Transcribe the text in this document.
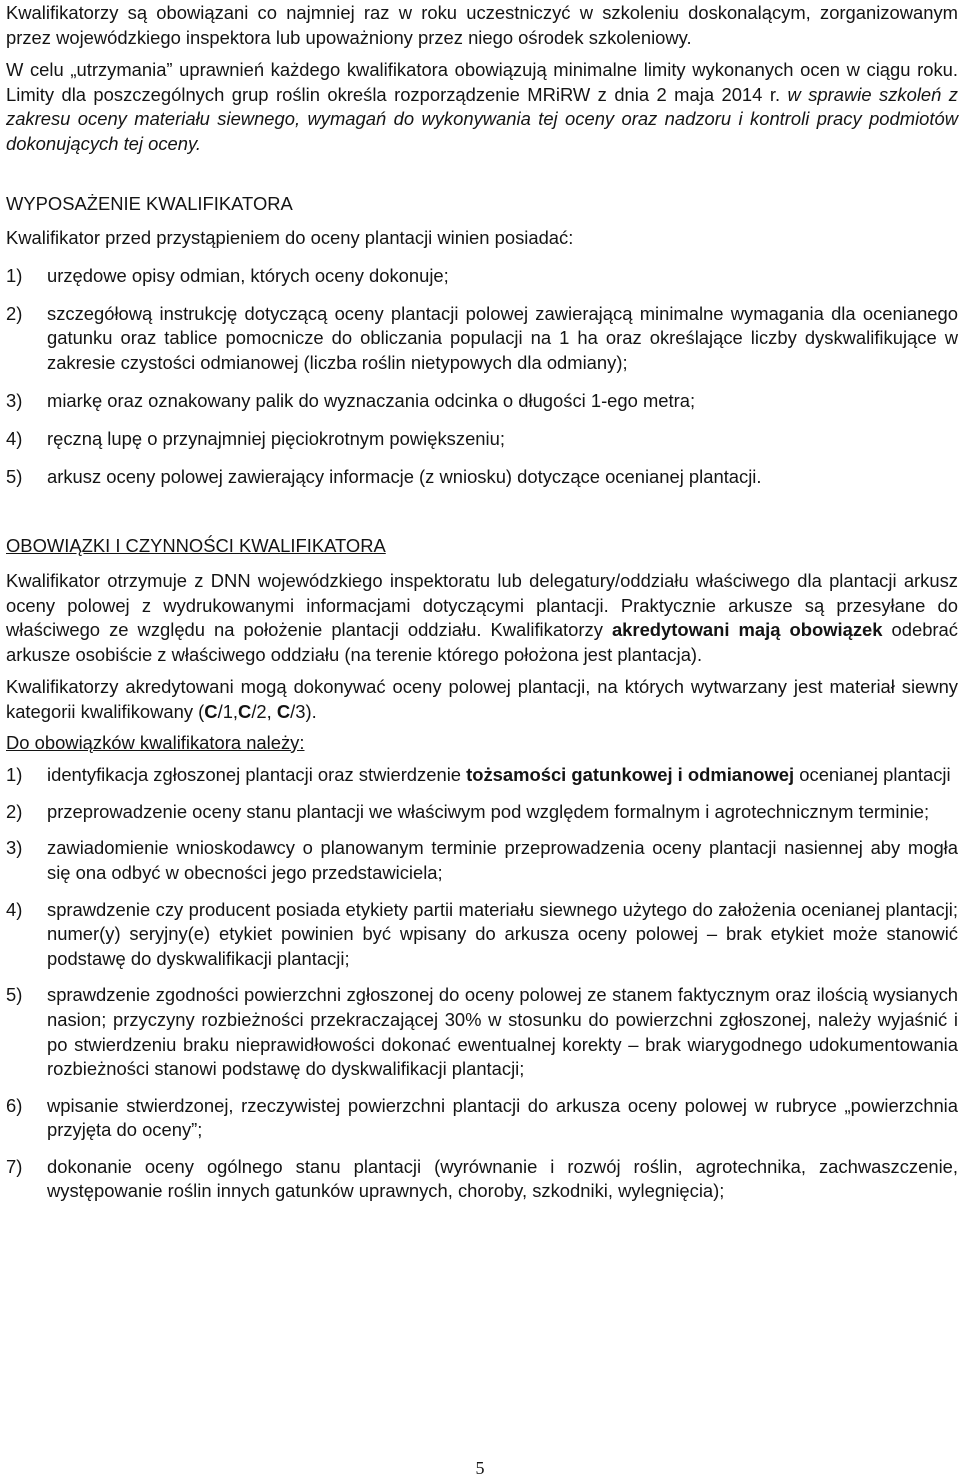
Kwalifikatorzy są obowiązani co najmniej raz w roku uczestniczyć w szkoleniu doskonalącym, zorganizowanym przez wojewódzkiego inspektora lub upoważniony przez niego ośrodek szkoleniowy.

W celu „utrzymania” uprawnień każdego kwalifikatora obowiązują minimalne limity wykonanych ocen w ciągu roku. Limity dla poszczególnych grup roślin określa rozporządzenie MRiRW z dnia 2 maja 2014 r. w sprawie szkoleń z zakresu oceny materiału siewnego, wymagań do wykonywania tej oceny oraz nadzoru i kontroli pracy podmiotów dokonujących tej oceny.

WYPOSAŻENIE KWALIFIKATORA

Kwalifikator przed przystąpieniem do oceny plantacji winien posiadać:

1) urzędowe opisy odmian, których oceny dokonuje;
2) szczegółową instrukcję dotyczącą oceny plantacji polowej zawierającą minimalne wymagania dla ocenianego gatunku oraz tablice pomocnicze do obliczania populacji na 1 ha oraz określające liczby dyskwalifikujące w zakresie czystości odmianowej (liczba roślin nietypowych dla odmiany);
3) miarkę oraz oznakowany palik do wyznaczania odcinka o długości 1-ego metra;
4) ręczną lupę o przynajmniej pięciokrotnym powiększeniu;
5) arkusz oceny polowej zawierający informacje (z wniosku) dotyczące ocenianej plantacji.
OBOWIĄZKI I CZYNNOŚCI KWALIFIKATORA

Kwalifikator otrzymuje z DNN wojewódzkiego inspektoratu lub delegatury/oddziału właściwego dla plantacji arkusz oceny polowej z wydrukowanymi informacjami dotyczącymi plantacji. Praktycznie arkusze są przesyłane do właściwego ze względu na położenie plantacji oddziału. Kwalifikatorzy akredytowani mają obowiązek odebrać arkusze osobiście z właściwego oddziału (na terenie którego położona jest plantacja).

Kwalifikatorzy akredytowani mogą dokonywać oceny polowej plantacji, na których wytwarzany jest materiał siewny kategorii kwalifikowany (C/1,C/2, C/3).

Do obowiązków kwalifikatora należy:

1) identyfikacja zgłoszonej plantacji oraz stwierdzenie tożsamości gatunkowej i odmianowej ocenianej plantacji
2) przeprowadzenie oceny stanu plantacji we właściwym pod względem formalnym i agrotechnicznym terminie;
3) zawiadomienie wnioskodawcy o planowanym terminie przeprowadzenia oceny plantacji nasiennej aby mogła się ona odbyć w obecności jego przedstawiciela;
4) sprawdzenie czy producent posiada etykiety partii materiału siewnego użytego do założenia ocenianej plantacji; numer(y) seryjny(e) etykiet powinien być wpisany do arkusza oceny polowej – brak etykiet może stanowić podstawę do dyskwalifikacji plantacji;
5) sprawdzenie zgodności powierzchni zgłoszonej do oceny polowej ze stanem faktycznym oraz ilością wysianych nasion; przyczyny rozbieżności przekraczającej 30% w stosunku do powierzchni zgłoszonej, należy wyjaśnić i po stwierdzeniu braku nieprawidłowości dokonać ewentualnej korekty – brak wiarygodnego udokumentowania rozbieżności stanowi podstawę do dyskwalifikacji plantacji;
6) wpisanie stwierdzonej, rzeczywistej powierzchni plantacji do arkusza oceny polowej w rubryce „powierzchnia przyjęta do oceny”;
7) dokonanie oceny ogólnego stanu plantacji (wyrównanie i rozwój roślin, agrotechnika, zachwaszczenie, występowanie roślin innych gatunków uprawnych, choroby, szkodniki, wylegnięcia);
5
